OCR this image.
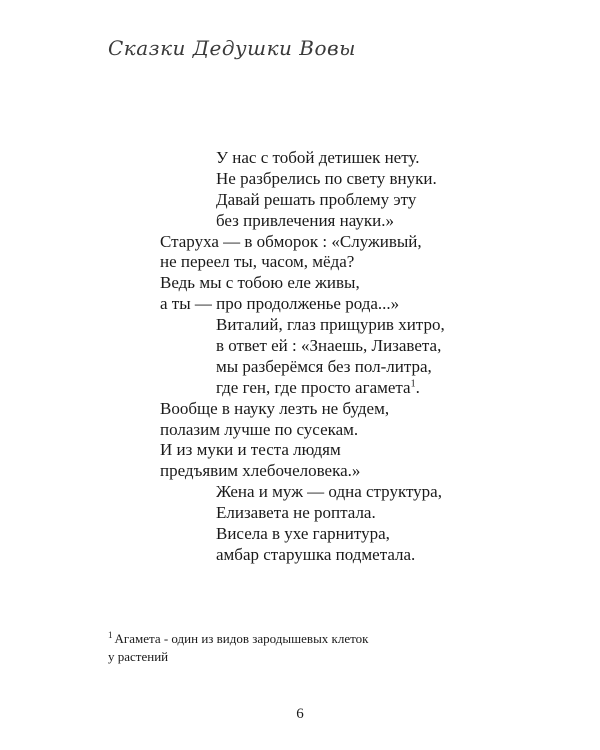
Сказки Дедушки Вовы
У нас с тобой детишек нету.
Не разбрелись по свету внуки.
Давай решать проблему эту
без привлечения науки.»
Старуха — в обморок : «Служивый,
не переел ты, часом, мёда?
Ведь мы с тобою еле живы,
а ты — про продолженье рода...»
Виталий, глаз прищурив хитро,
в ответ ей : «Знаешь, Лизавета,
мы разберёмся без пол-литра,
где ген, где просто агамета$^1$.
Вообще в науку лезть не будем,
полазим лучше по сусекам.
И из муки и теста людям
предъявим хлебочеловека.»
Жена и муж — одна структура,
Елизавета не роптала.
Висела в ухе гарнитура,
амбар старушка подметала.
$^1$ Агамета - один из видов зародышевых клеток
у растений
6
